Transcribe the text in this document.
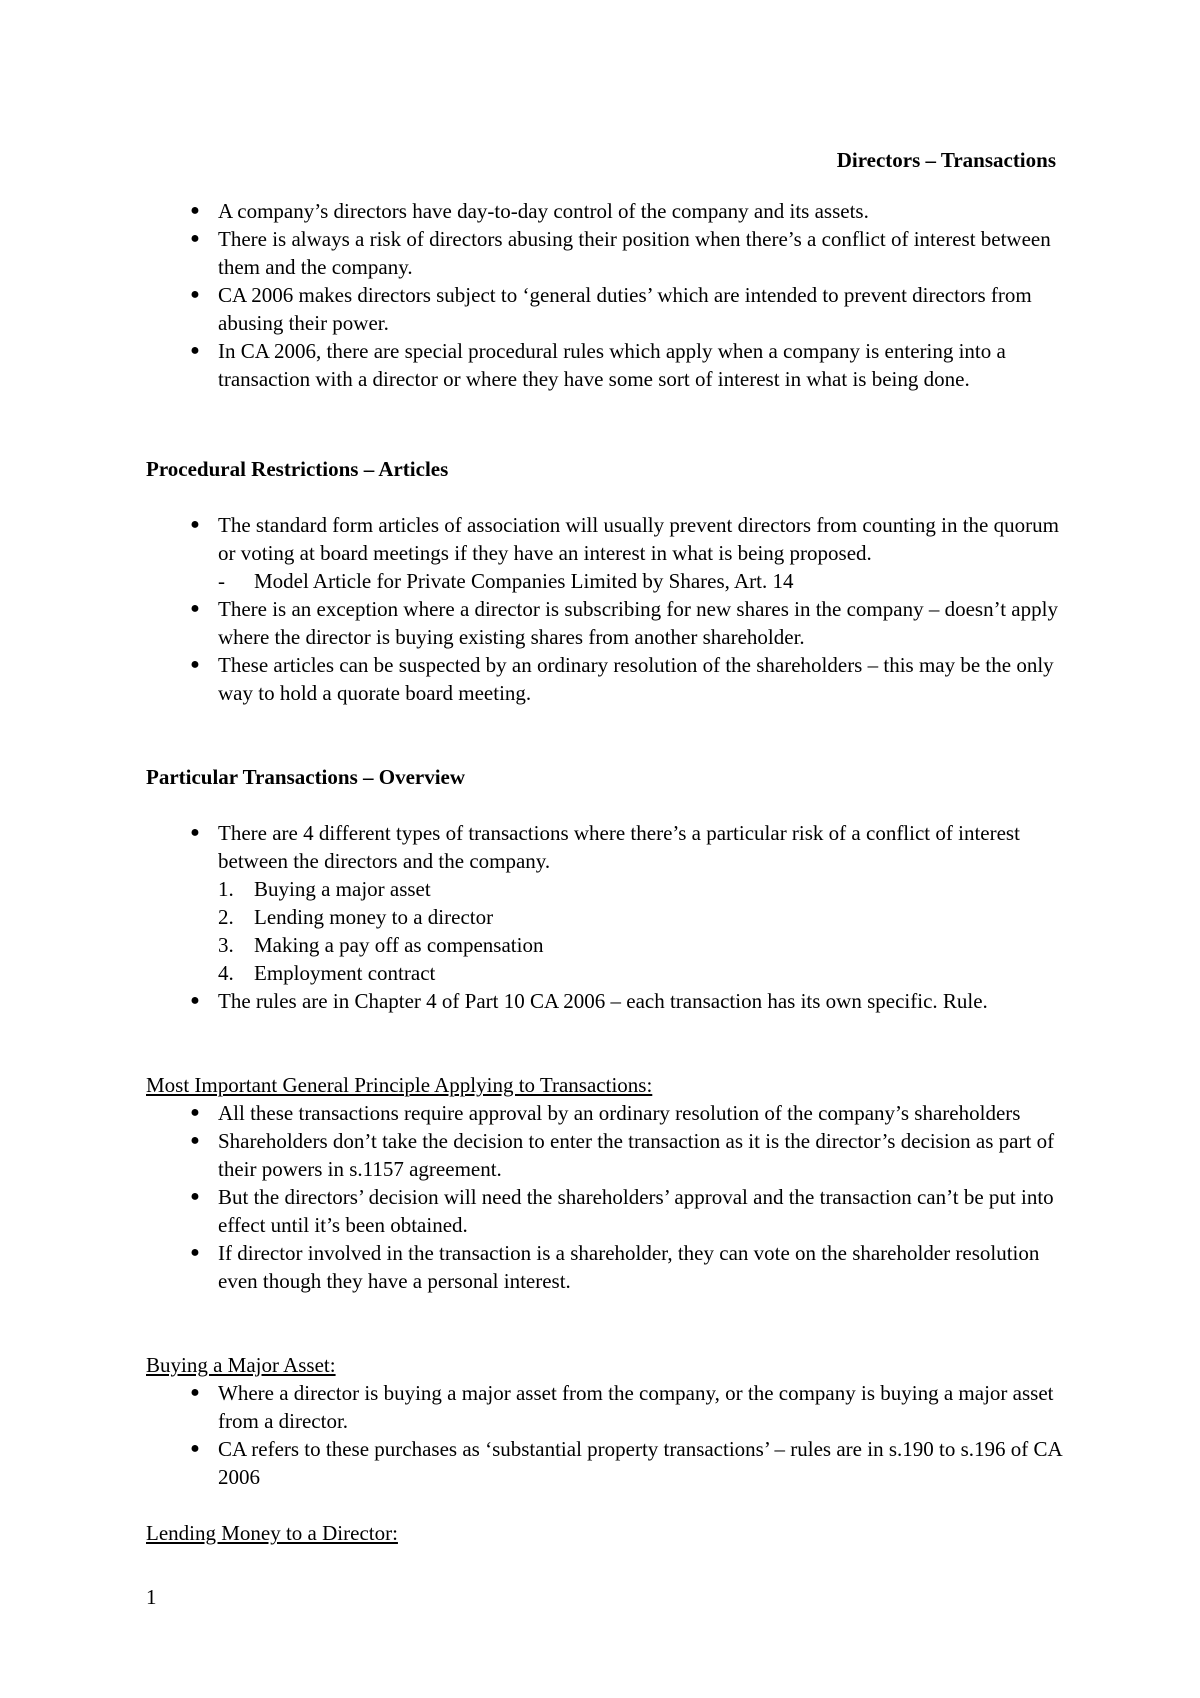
Directors – Transactions

● A company’s directors have day-to-day control of the company and its assets.
● There is always a risk of directors abusing their position when there’s a conflict of interest between them and the company.
● CA 2006 makes directors subject to ‘general duties’ which are intended to prevent directors from abusing their power.
● In CA 2006, there are special procedural rules which apply when a company is entering into a transaction with a director or where they have some sort of interest in what is being done.

Procedural Restrictions – Articles

● The standard form articles of association will usually prevent directors from counting in the quorum or voting at board meetings if they have an interest in what is being proposed.
- Model Article for Private Companies Limited by Shares, Art. 14
● There is an exception where a director is subscribing for new shares in the company – doesn’t apply where the director is buying existing shares from another shareholder.
● These articles can be suspected by an ordinary resolution of the shareholders – this may be the only way to hold a quorate board meeting.

Particular Transactions – Overview

● There are 4 different types of transactions where there’s a particular risk of a conflict of interest between the directors and the company.
1. Buying a major asset
2. Lending money to a director
3. Making a pay off as compensation
4. Employment contract
● The rules are in Chapter 4 of Part 10 CA 2006 – each transaction has its own specific. Rule.

Most Important General Principle Applying to Transactions:

● All these transactions require approval by an ordinary resolution of the company’s shareholders
● Shareholders don’t take the decision to enter the transaction as it is the director’s decision as part of their powers in s.1157 agreement.
● But the directors’ decision will need the shareholders’ approval and the transaction can’t be put into effect until it’s been obtained.
● If director involved in the transaction is a shareholder, they can vote on the shareholder resolution even though they have a personal interest.

Buying a Major Asset:

● Where a director is buying a major asset from the company, or the company is buying a major asset from a director.
● CA refers to these purchases as ‘substantial property transactions’ – rules are in s.190 to s.196 of CA 2006

Lending Money to a Director:

1
